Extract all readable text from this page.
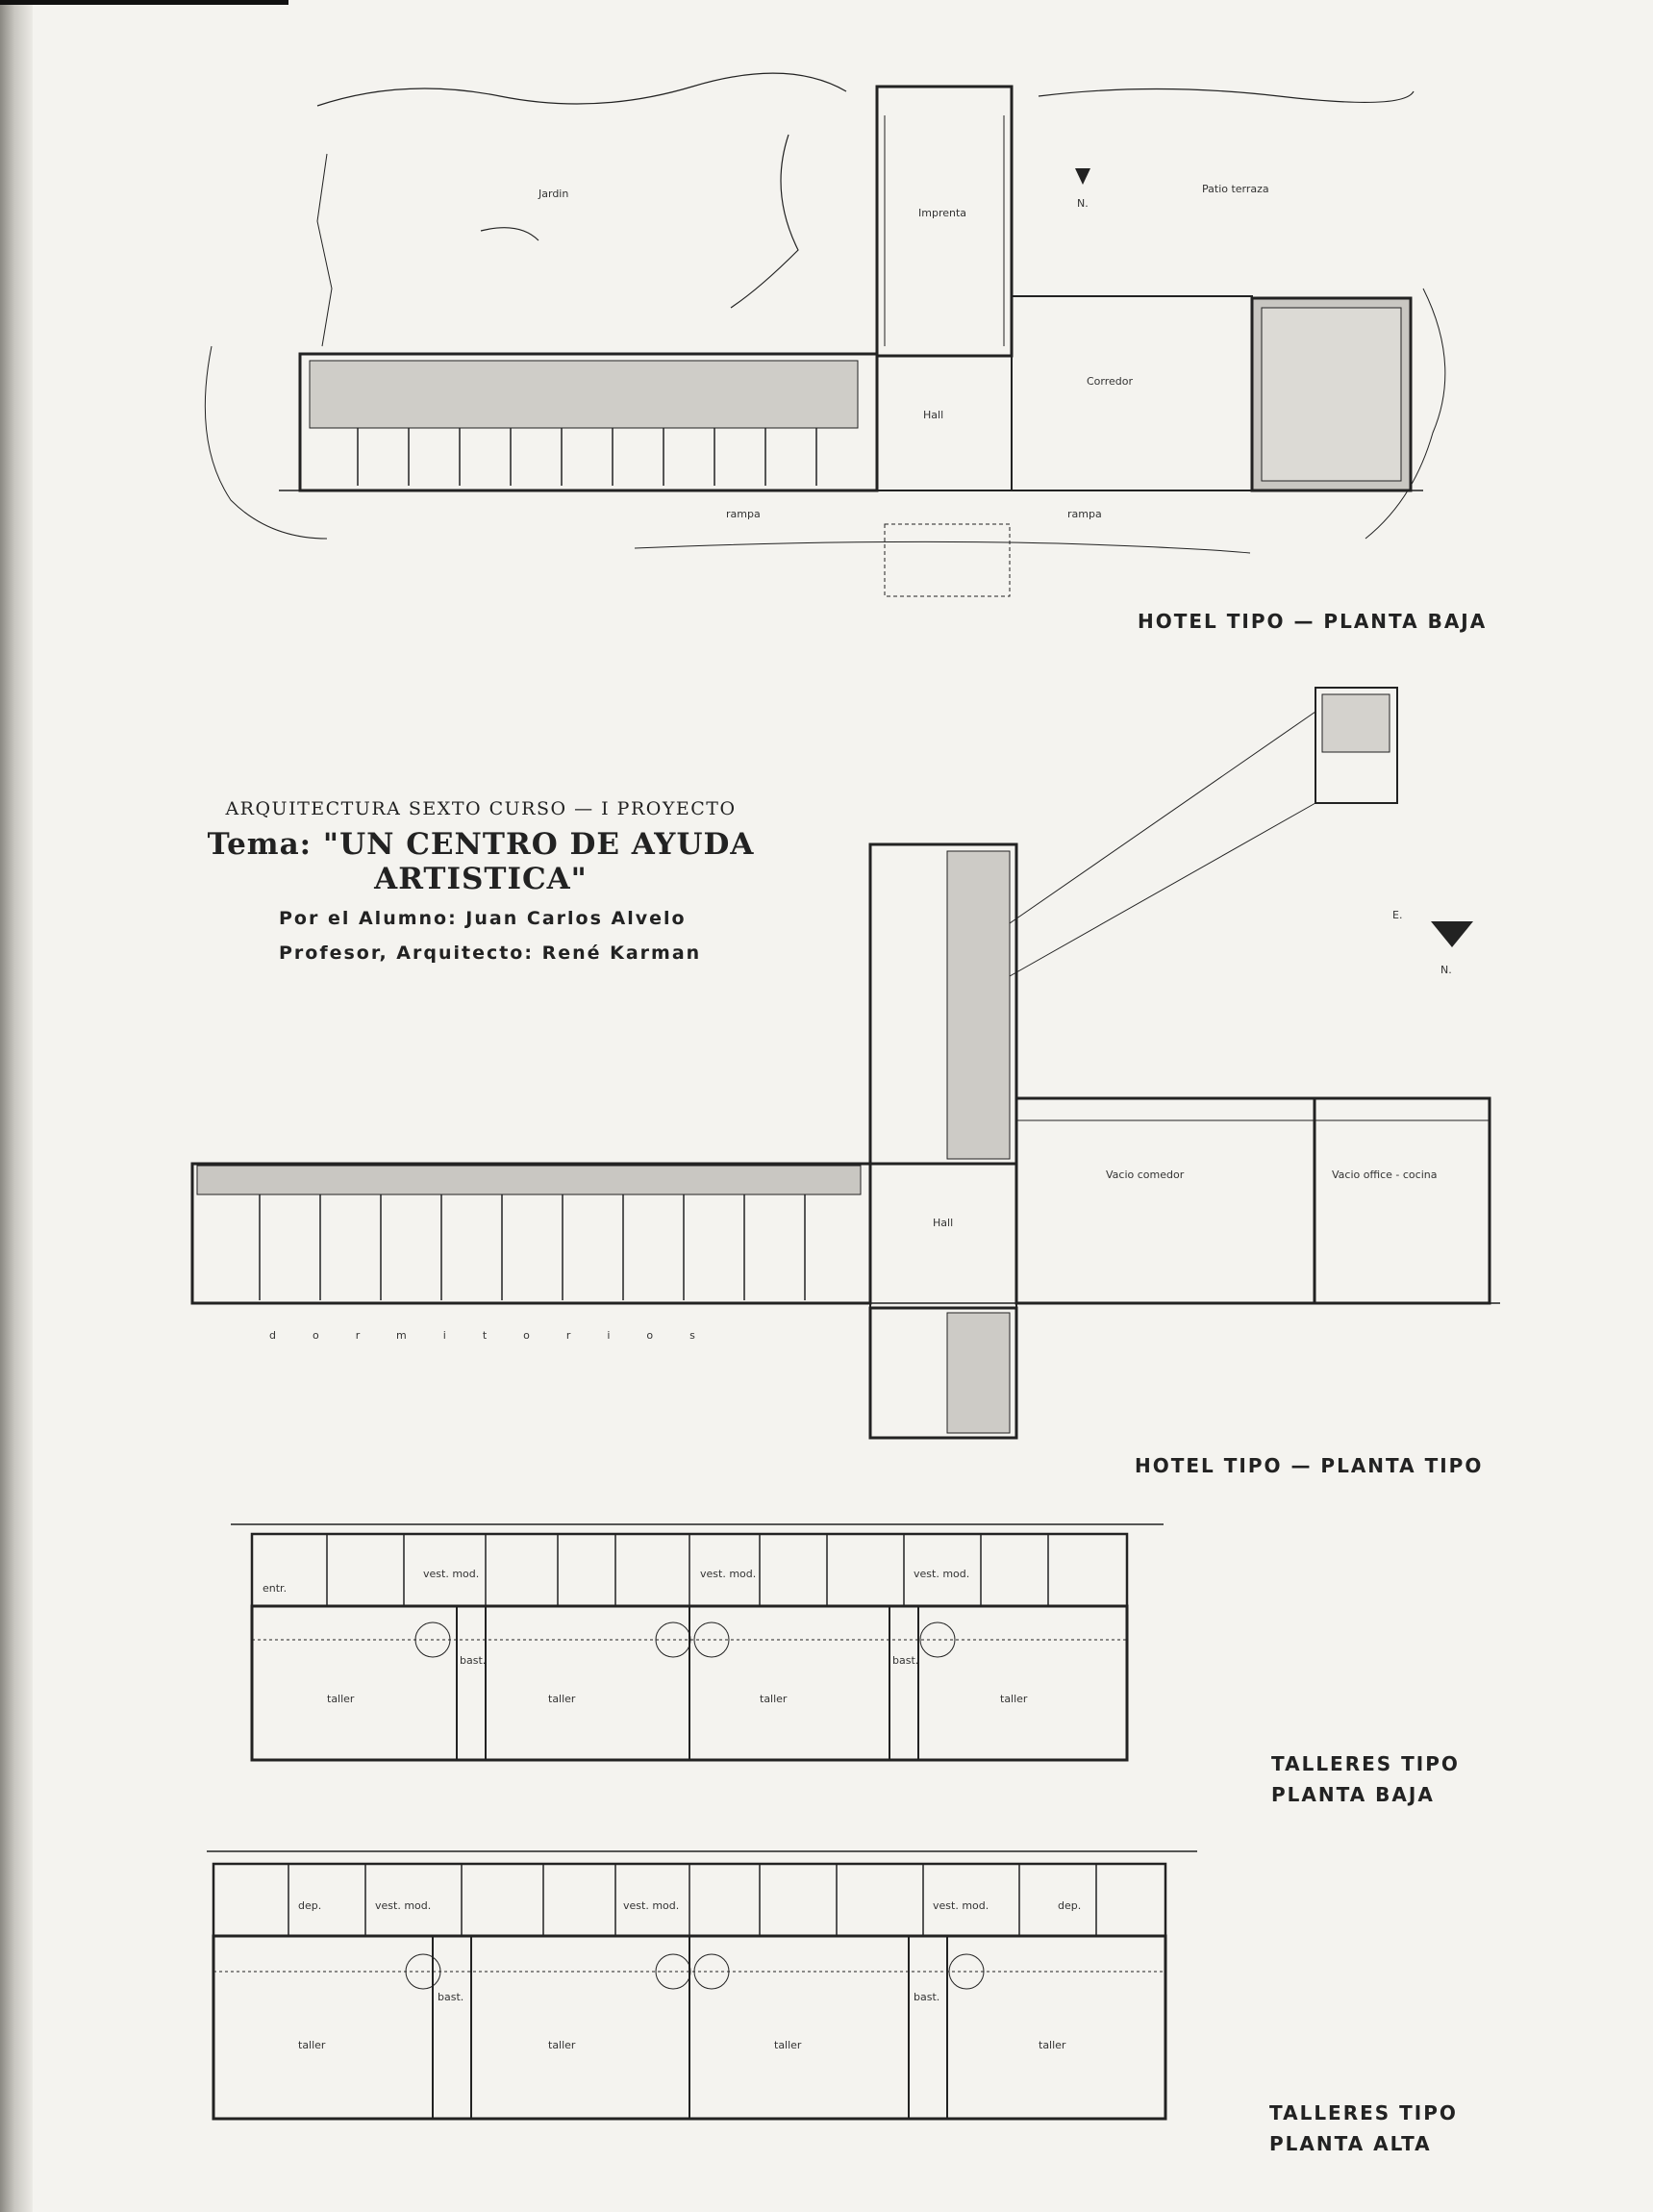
Jardin
Imprenta
Patio terraza
N.
Corredor
Hall
rampa	rampa
E.
N.
Hall
Vacio comedor	Vacio office - cocina
dormitorios
taller	taller	taller	taller
entr.
vest. mod.	vest. mod.	vest. mod.
bast.	bast.
taller	taller	taller	taller
dep.	vest. mod.	vest. mod.	vest. mod.	dep.
bast.	bast.
ARQUITECTURA SEXTO CURSO — I PROYECTO
Tema: "UN CENTRO DE AYUDA ARTISTICA"
Por el Alumno: Juan Carlos Alvelo
Profesor, Arquitecto: René Karman
HOTEL TIPO — PLANTA BAJA
HOTEL TIPO — PLANTA TIPO
TALLERES TIPO
PLANTA BAJA
TALLERES TIPO
PLANTA ALTA
